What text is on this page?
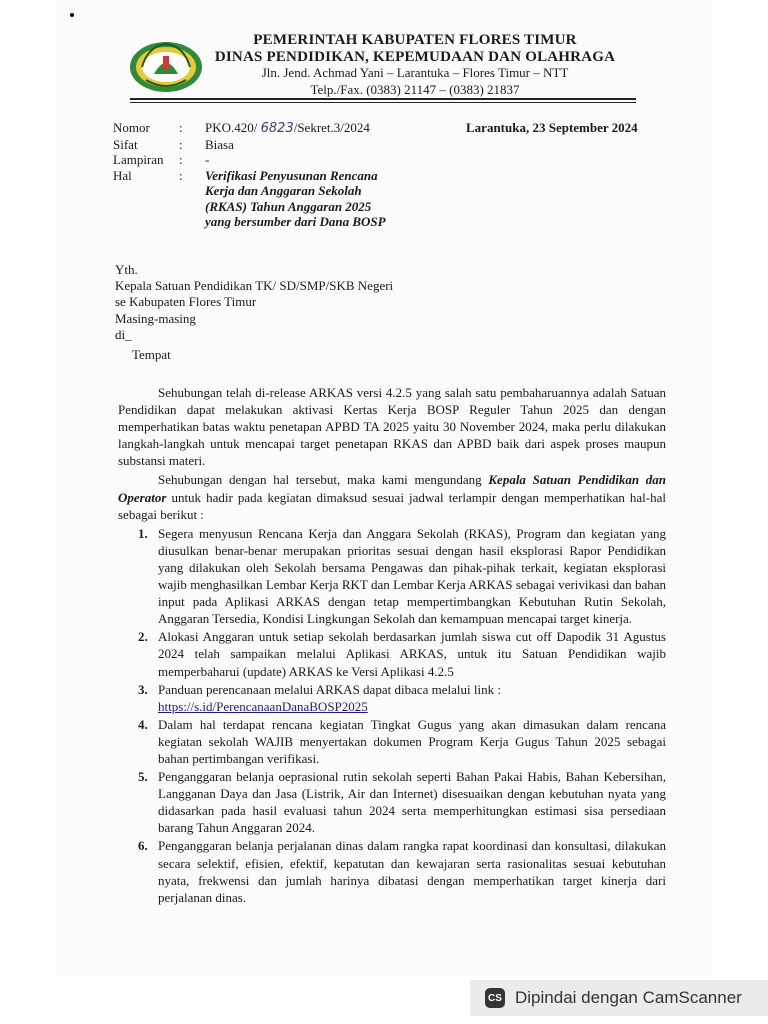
PEMERINTAH KABUPATEN FLORES TIMUR
DINAS PENDIDIKAN, KEPEMUDAAN DAN OLAHRAGA
Jln. Jend. Achmad Yani – Larantuka – Flores Timur – NTT
Telp./Fax. (0383) 21147 – (0383) 21837
Nomor	:	PKO.420/ 6823/Sekret.3/2024
Sifat	:	Biasa
Lampiran	:	-
Hal	:	Verifikasi Penyusunan Rencana
Kerja dan Anggaran Sekolah
(RKAS) Tahun Anggaran 2025
yang bersumber dari Dana BOSP
Larantuka, 23 September 2024
Yth.
Kepala Satuan Pendidikan TK/ SD/SMP/SKB Negeri
se Kabupaten Flores Timur
Masing-masing
di_
Tempat

Sehubungan telah di-release ARKAS versi 4.2.5 yang salah satu pembaharuannya adalah Satuan Pendidikan dapat melakukan aktivasi Kertas Kerja BOSP Reguler Tahun 2025 dan dengan memperhatikan batas waktu penetapan APBD TA 2025 yaitu 30 November 2024, maka perlu dilakukan langkah-langkah untuk mencapai target penetapan RKAS dan APBD baik dari aspek proses maupun substansi materi.

Sehubungan dengan hal tersebut, maka kami mengundang Kepala Satuan Pendidikan dan Operator untuk hadir pada kegiatan dimaksud sesuai jadwal terlampir dengan memperhatikan hal-hal sebagai berikut :

1. Segera menyusun Rencana Kerja dan Anggara Sekolah (RKAS), Program dan kegiatan yang diusulkan benar-benar merupakan prioritas sesuai dengan hasil eksplorasi Rapor Pendidikan yang dilakukan oleh Sekolah bersama Pengawas dan pihak-pihak terkait, kegiatan eksplorasi wajib menghasilkan Lembar Kerja RKT dan Lembar Kerja ARKAS sebagai verivikasi dan bahan input pada Aplikasi ARKAS dengan tetap mempertimbangkan Kebutuhan Rutin Sekolah, Anggaran Tersedia, Kondisi Lingkungan Sekolah dan kemampuan mencapai target kinerja.
2. Alokasi Anggaran untuk setiap sekolah berdasarkan jumlah siswa cut off Dapodik 31 Agustus 2024 telah sampaikan melalui Aplikasi ARKAS, untuk itu Satuan Pendidikan wajib memperbaharui (update) ARKAS ke Versi Aplikasi 4.2.5
3. Panduan perencanaan melalui ARKAS dapat dibaca melalui link :
https://s.id/PerencanaanDanaBOSP2025
4. Dalam hal terdapat rencana kegiatan Tingkat Gugus yang akan dimasukan dalam rencana kegiatan sekolah WAJIB menyertakan dokumen Program Kerja Gugus Tahun 2025 sebagai bahan pertimbangan verifikasi.
5. Penganggaran belanja oeprasional rutin sekolah seperti Bahan Pakai Habis, Bahan Kebersihan, Langganan Daya dan Jasa (Listrik, Air dan Internet) disesuaikan dengan kebutuhan nyata yang didasarkan pada hasil evaluasi tahun 2024 serta memperhitungkan estimasi sisa persediaan barang Tahun Anggaran 2024.
6. Penganggaran belanja perjalanan dinas dalam rangka rapat koordinasi dan konsultasi, dilakukan secara selektif, efisien, efektif, kepatutan dan kewajaran serta rasionalitas sesuai kebutuhan nyata, frekwensi dan jumlah harinya dibatasi dengan memperhatikan target kinerja dari perjalanan dinas.
CS Dipindai dengan CamScanner
